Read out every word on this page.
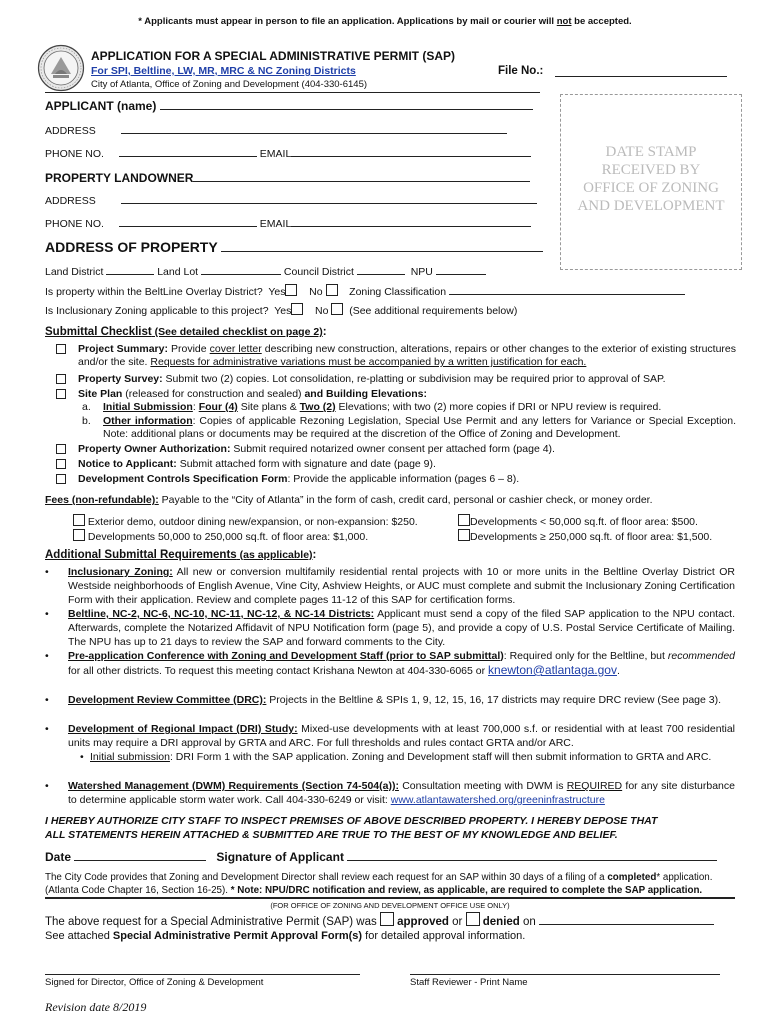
* Applicants must appear in person to file an application. Applications by mail or courier will not be accepted.
APPLICATION FOR A SPECIAL ADMINISTRATIVE PERMIT (SAP)
For SPI, Beltline, LW, MR, MRC & NC Zoning Districts
City of Atlanta, Office of Zoning and Development (404-330-6145)
File No.:
DATE STAMP
RECEIVED BY
OFFICE OF ZONING
AND DEVELOPMENT
APPLICANT (name)
ADDRESS
PHONE NO.	EMAIL
PROPERTY LANDOWNER
ADDRESS
PHONE NO.	EMAIL
ADDRESS OF PROPERTY
Land District	Land Lot	Council District	NPU
Is property within the BeltLine Overlay District? Yes No	Zoning Classification
Is Inclusionary Zoning applicable to this project? Yes No (See additional requirements below)
Submittal Checklist (See detailed checklist on page 2):
Project Summary: Provide cover letter describing new construction, alterations, repairs or other changes to the exterior of existing structures and/or the site. Requests for administrative variations must be accompanied by a written justification for each.
Property Survey: Submit two (2) copies. Lot consolidation, re-platting or subdivision may be required prior to approval of SAP.
Site Plan (released for construction and sealed) and Building Elevations:
a. Initial Submission: Four (4) Site plans & Two (2) Elevations; with two (2) more copies if DRI or NPU review is required.
b. Other information: Copies of applicable Rezoning Legislation, Special Use Permit and any letters for Variance or Special Exception. Note: additional plans or documents may be required at the discretion of the Office of Zoning and Development.
Property Owner Authorization: Submit required notarized owner consent per attached form (page 4).
Notice to Applicant: Submit attached form with signature and date (page 9).
Development Controls Specification Form: Provide the applicable information (pages 6 – 8).
Fees (non-refundable): Payable to the “City of Atlanta” in the form of cash, credit card, personal or cashier check, or money order.
Exterior demo, outdoor dining new/expansion, or non-expansion: $250.	Developments < 50,000 sq.ft. of floor area: $500.
Developments 50,000 to 250,000 sq.ft. of floor area: $1,000.	Developments ≥ 250,000 sq.ft. of floor area: $1,500.
Additional Submittal Requirements (as applicable):
• Inclusionary Zoning: All new or conversion multifamily residential rental projects with 10 or more units in the Beltline Overlay District OR Westside neighborhoods of English Avenue, Vine City, Ashview Heights, or AUC must complete and submit the Inclusionary Zoning Certification Form with their application. Review and complete pages 11-12 of this SAP for certification forms.
• Beltline, NC-2, NC-6, NC-10, NC-11, NC-12, & NC-14 Districts: Applicant must send a copy of the filed SAP application to the NPU contact. Afterwards, complete the Notarized Affidavit of NPU Notification form (page 5), and provide a copy of U.S. Postal Service Certificate of Mailing. The NPU has up to 21 days to review the SAP and forward comments to the City.
• Pre-application Conference with Zoning and Development Staff (prior to SAP submittal): Required only for the Beltline, but recommended for all other districts. To request this meeting contact Krishana Newton at 404-330-6065 or knewton@atlantaga.gov.
• Development Review Committee (DRC): Projects in the Beltline & SPIs 1, 9, 12, 15, 16, 17 districts may require DRC review (See page 3).
• Development of Regional Impact (DRI) Study: Mixed-use developments with at least 700,000 s.f. or residential with at least 700 residential units may require a DRI approval by GRTA and ARC. For full thresholds and rules contact GRTA and/or ARC.
• Initial submission: DRI Form 1 with the SAP application. Zoning and Development staff will then submit information to GRTA and ARC.
• Watershed Management (DWM) Requirements (Section 74-504(a)): Consultation meeting with DWM is REQUIRED for any site disturbance to determine applicable storm water work. Call 404-330-6249 or visit: www.atlantawatershed.org/greeninfrastructure
I HEREBY AUTHORIZE CITY STAFF TO INSPECT PREMISES OF ABOVE DESCRIBED PROPERTY. I HEREBY DEPOSE THAT
ALL STATEMENTS HEREIN ATTACHED & SUBMITTED ARE TRUE TO THE BEST OF MY KNOWLEDGE AND BELIEF.
Date	Signature of Applicant
The City Code provides that Zoning and Development Director shall review each request for an SAP within 30 days of a filing of a completed* application.
(Atlanta Code Chapter 16, Section 16-25). * Note: NPU/DRC notification and review, as applicable, are required to complete the SAP application.
(FOR OFFICE OF ZONING AND DEVELOPMENT OFFICE USE ONLY)
The above request for a Special Administrative Permit (SAP) was approved or denied on
See attached Special Administrative Permit Approval Form(s) for detailed approval information.
Signed for Director, Office of Zoning & Development	Staff Reviewer - Print Name
Revision date 8/2019
